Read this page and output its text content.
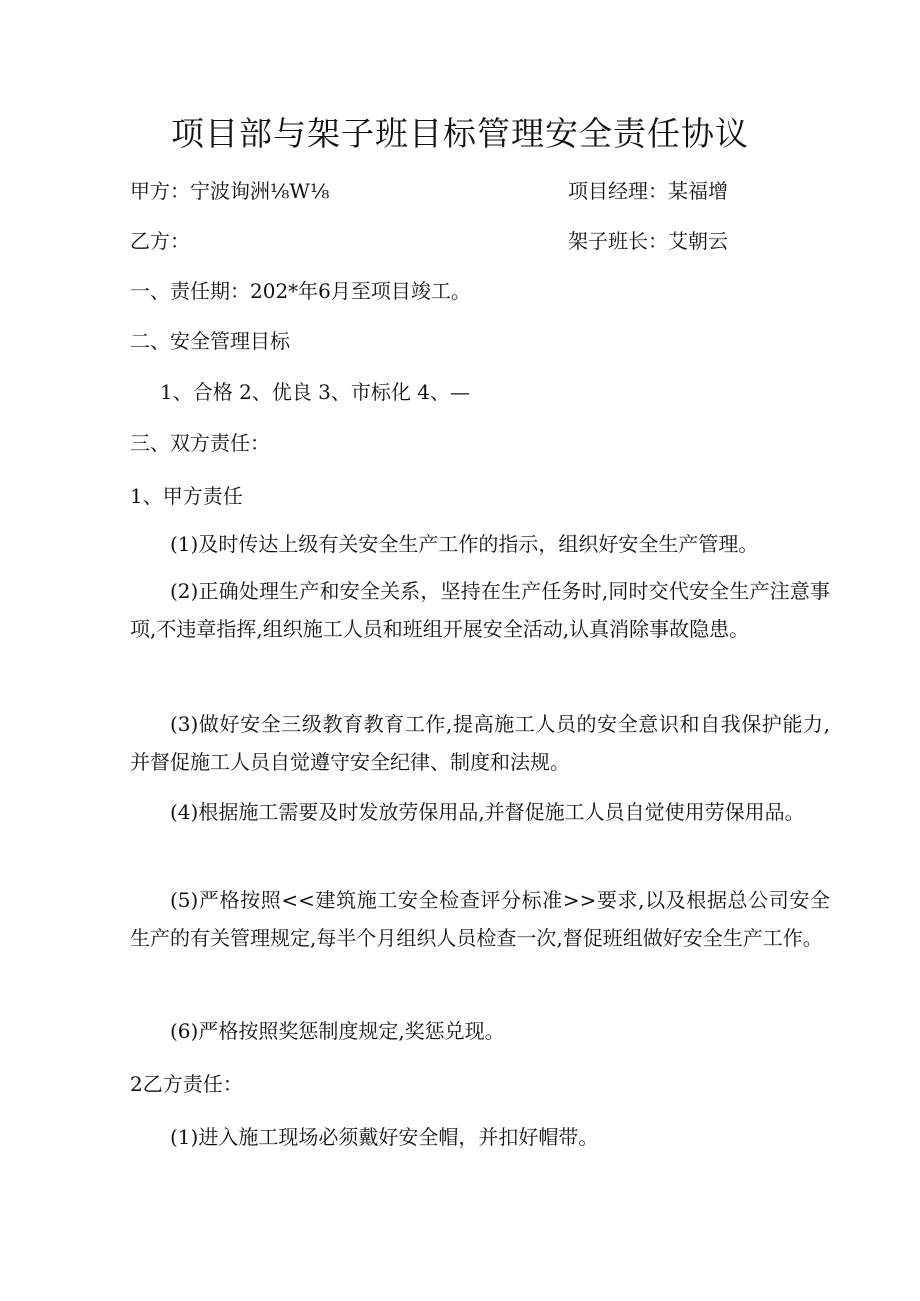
项目部与架子班目标管理安全责任协议
甲方：宁波询洲⅛W⅛	项目经理：某福增
乙方：	架子班长：艾朝云
一、责任期：202*年6月至项目竣工。
二、安全管理目标
1、合格 2、优良 3、市标化 4、—
三、双方责任：
1、甲方责任
(1)及时传达上级有关安全生产工作的指示，组织好安全生产管理。
(2)正确处理生产和安全关系，坚持在生产任务时,同时交代安全生产注意事项,不违章指挥,组织施工人员和班组开展安全活动,认真消除事故隐患。
(3)做好安全三级教育教育工作,提高施工人员的安全意识和自我保护能力,并督促施工人员自觉遵守安全纪律、制度和法规。
(4)根据施工需要及时发放劳保用品,并督促施工人员自觉使用劳保用品。
(5)严格按照<<建筑施工安全检查评分标准>>要求,以及根据总公司安全生产的有关管理规定,每半个月组织人员检查一次,督促班组做好安全生产工作。
(6)严格按照奖惩制度规定,奖惩兑现。
2乙方责任：
(1)进入施工现场必须戴好安全帽，并扣好帽带。
